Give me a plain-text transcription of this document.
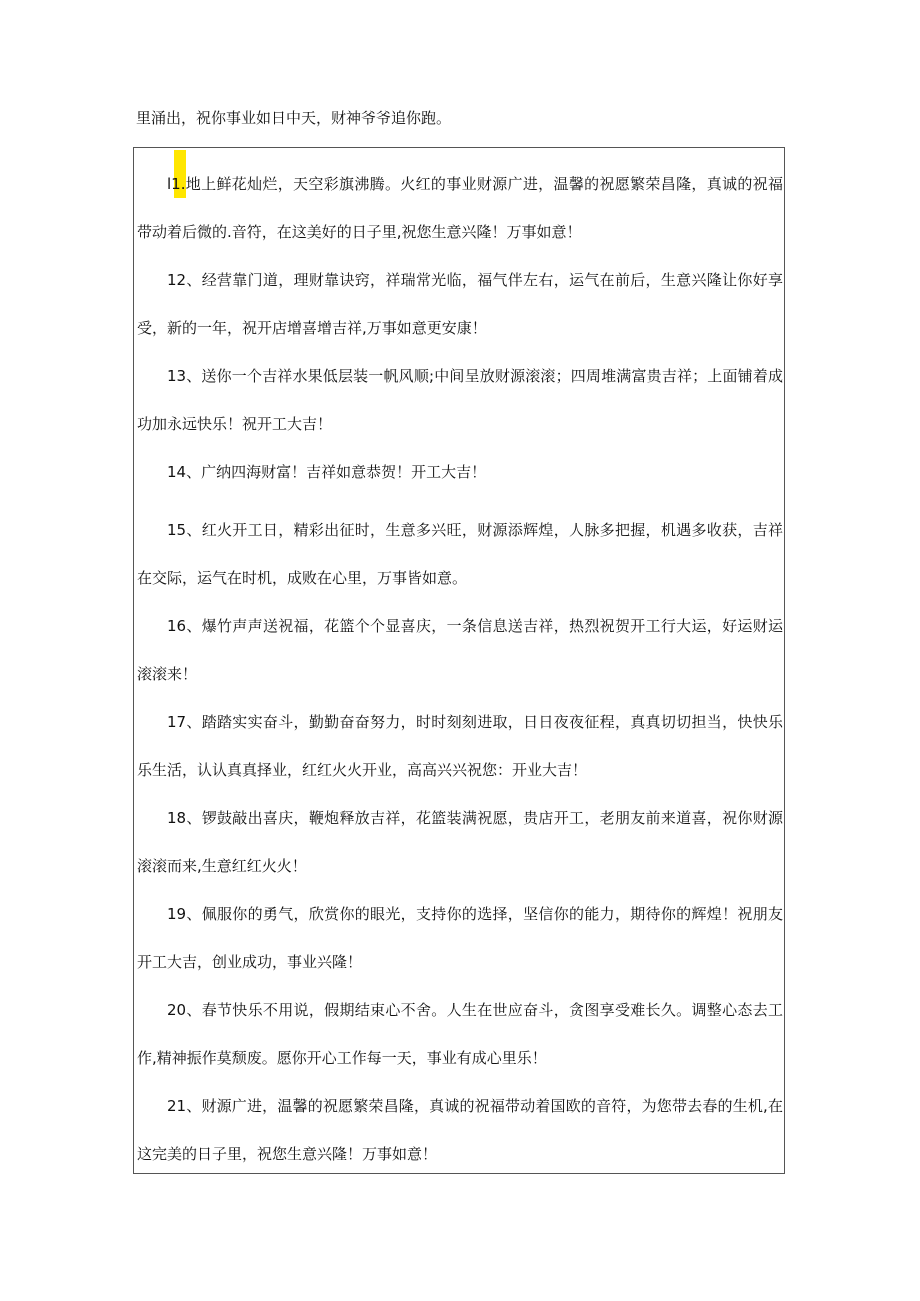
里涌出，祝你事业如日中天，财神爷爷追你跑。

l1.地上鲜花灿烂，天空彩旗沸腾。火红的事业财源广进，温馨的祝愿繁荣昌隆，真诚的祝福带动着后微的.音符，在这美好的日子里,祝您生意兴隆！万事如意！

12、经营靠门道，理财靠诀窍，祥瑞常光临，福气伴左右，运气在前后，生意兴隆让你好享受，新的一年，祝开店增喜增吉祥,万事如意更安康！

13、送你一个吉祥水果低层装一帆风顺;中间呈放财源滚滚；四周堆满富贵吉祥；上面铺着成功加永远快乐！祝开工大吉！

14、广纳四海财富！吉祥如意恭贺！开工大吉！

15、红火开工日，精彩出征时，生意多兴旺，财源添辉煌，人脉多把握，机遇多收获，吉祥在交际，运气在时机，成败在心里，万事皆如意。

16、爆竹声声送祝福，花篮个个显喜庆，一条信息送吉祥，热烈祝贺开工行大运，好运财运滚滚来！

17、踏踏实实奋斗，勤勤奋奋努力，时时刻刻进取，日日夜夜征程，真真切切担当，快快乐乐生活，认认真真择业，红红火火开业，高高兴兴祝您：开业大吉！

18、锣鼓敲出喜庆，鞭炮释放吉祥，花篮装满祝愿，贵店开工，老朋友前来道喜，祝你财源滚滚而来,生意红红火火！

19、佩服你的勇气，欣赏你的眼光，支持你的选择，坚信你的能力，期待你的辉煌！祝朋友开工大吉，创业成功，事业兴隆！

20、春节快乐不用说，假期结束心不舍。人生在世应奋斗，贪图享受难长久。调整心态去工作,精神振作莫颓废。愿你开心工作每一天，事业有成心里乐！

21、财源广进，温馨的祝愿繁荣昌隆，真诚的祝福带动着国欧的音符，为您带去春的生机,在这完美的日子里，祝您生意兴隆！万事如意！
